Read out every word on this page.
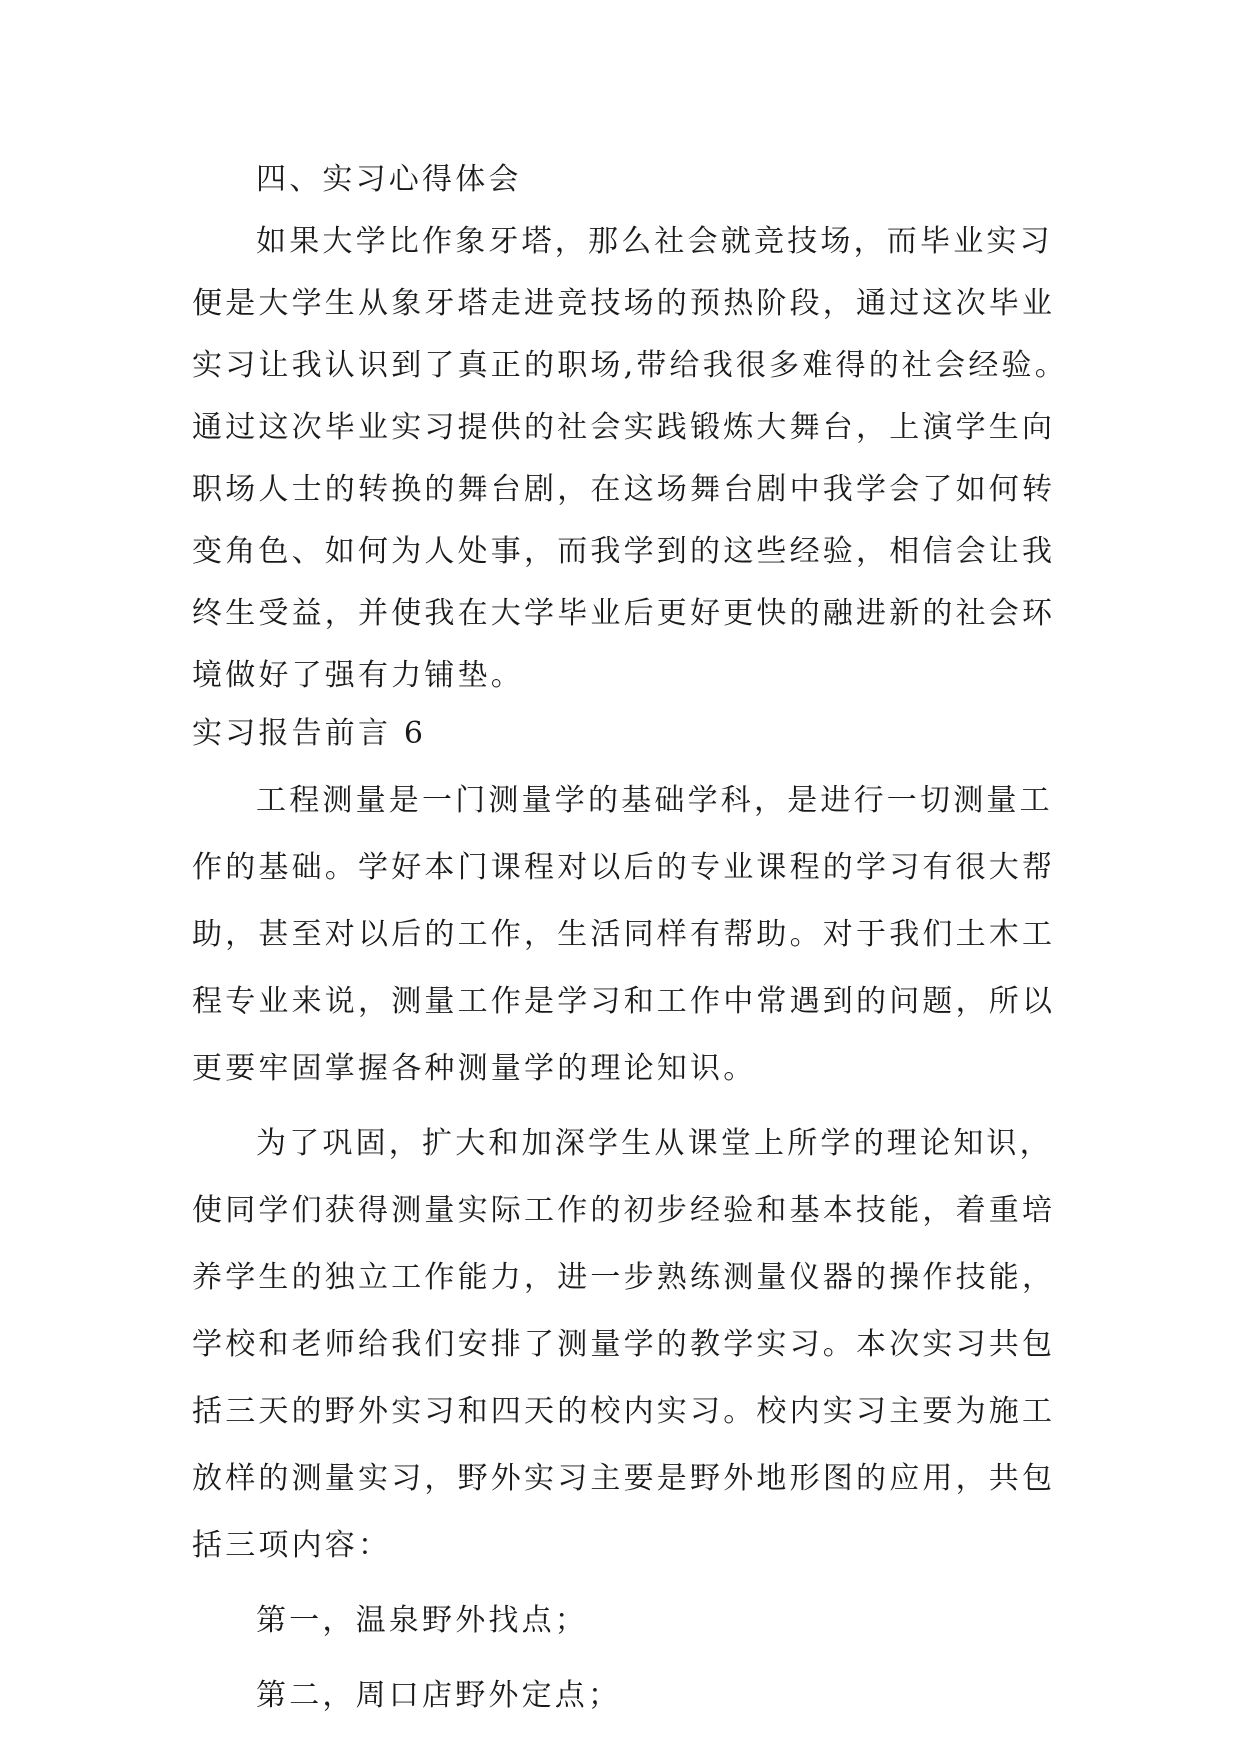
四、实习心得体会
如果大学比作象牙塔，那么社会就竞技场，而毕业实习
便是大学生从象牙塔走进竞技场的预热阶段，通过这次毕业
实习让我认识到了真正的职场,带给我很多难得的社会经验。
通过这次毕业实习提供的社会实践锻炼大舞台，上演学生向
职场人士的转换的舞台剧，在这场舞台剧中我学会了如何转
变角色、如何为人处事，而我学到的这些经验，相信会让我
终生受益，并使我在大学毕业后更好更快的融进新的社会环
境做好了强有力铺垫。
实习报告前言 6
工程测量是一门测量学的基础学科，是进行一切测量工
作的基础。学好本门课程对以后的专业课程的学习有很大帮
助，甚至对以后的工作，生活同样有帮助。对于我们土木工
程专业来说，测量工作是学习和工作中常遇到的问题，所以
更要牢固掌握各种测量学的理论知识。
为了巩固，扩大和加深学生从课堂上所学的理论知识，
使同学们获得测量实际工作的初步经验和基本技能，着重培
养学生的独立工作能力，进一步熟练测量仪器的操作技能，
学校和老师给我们安排了测量学的教学实习。本次实习共包
括三天的野外实习和四天的校内实习。校内实习主要为施工
放样的测量实习，野外实习主要是野外地形图的应用，共包
括三项内容：
第一，温泉野外找点；
第二，周口店野外定点；
